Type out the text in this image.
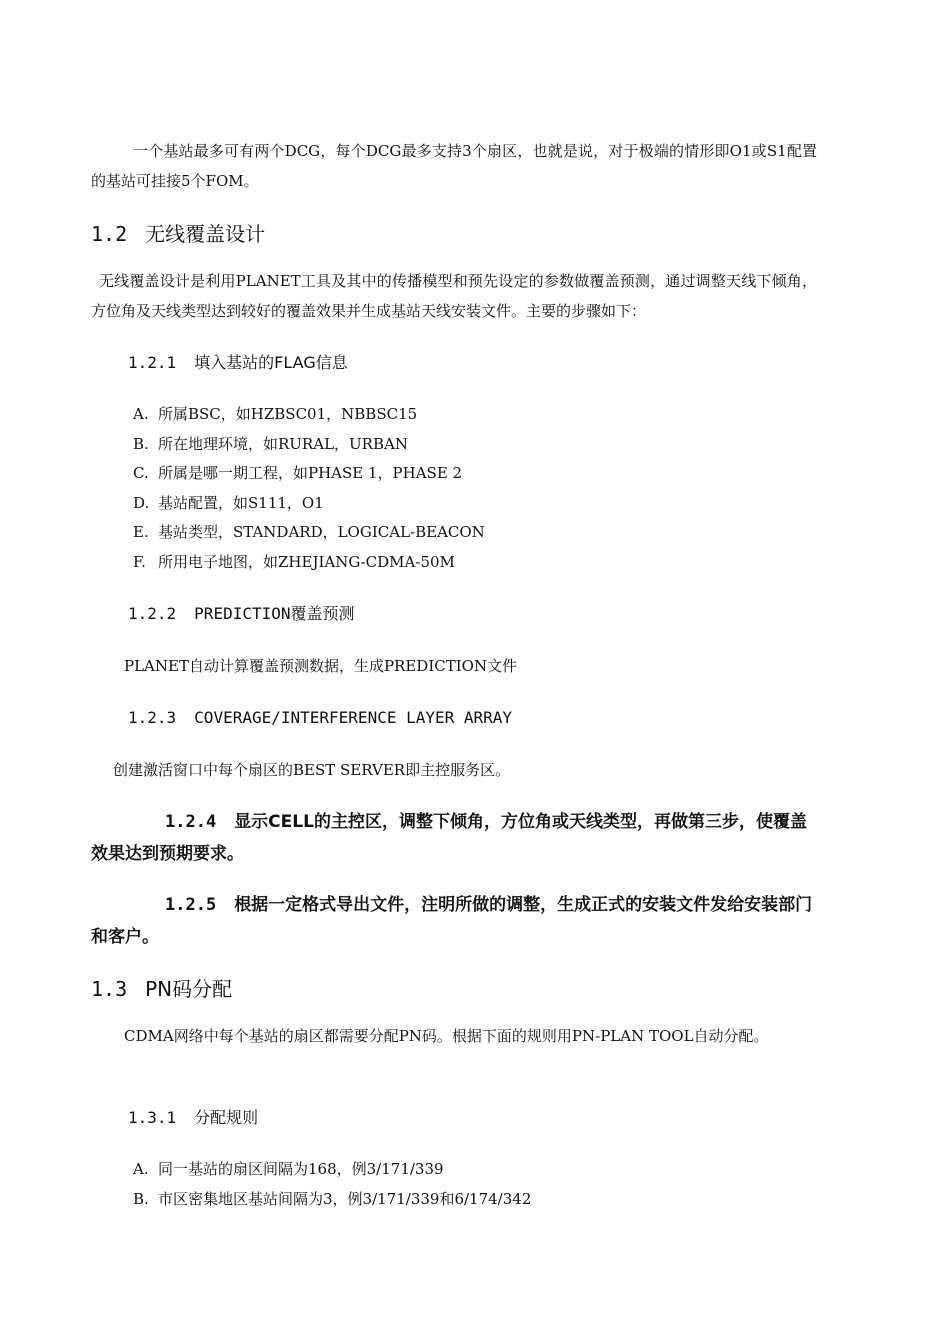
一个基站最多可有两个DCG，每个DCG最多支持3个扇区，也就是说，对于极端的情形即O1或S1配置的基站可挂接5个FOM。
1.2 无线覆盖设计
无线覆盖设计是利用PLANET工具及其中的传播模型和预先设定的参数做覆盖预测，通过调整天线下倾角，方位角及天线类型达到较好的覆盖效果并生成基站天线安装文件。主要的步骤如下：
1.2.1 填入基站的FLAG信息
A. 所属BSC，如HZBSC01，NBBSC15
B. 所在地理环境，如RURAL，URBAN
C. 所属是哪一期工程，如PHASE 1，PHASE 2
D. 基站配置，如S111，O1
E. 基站类型，STANDARD，LOGICAL-BEACON
F. 所用电子地图，如ZHEJIANG-CDMA-50M
1.2.2 PREDICTION覆盖预测
PLANET自动计算覆盖预测数据，生成PREDICTION文件
1.2.3 COVERAGE/INTERFERENCE LAYER ARRAY
创建激活窗口中每个扇区的BEST SERVER即主控服务区。
1.2.4 显示CELL的主控区，调整下倾角，方位角或天线类型，再做第三步，使覆盖效果达到预期要求。
1.2.5 根据一定格式导出文件，注明所做的调整，生成正式的安装文件发给安装部门和客户。
1.3 PN码分配
CDMA网络中每个基站的扇区都需要分配PN码。根据下面的规则用PN-PLAN TOOL自动分配。
1.3.1 分配规则
A. 同一基站的扇区间隔为168，例3/171/339
B. 市区密集地区基站间隔为3，例3/171/339和6/174/342
